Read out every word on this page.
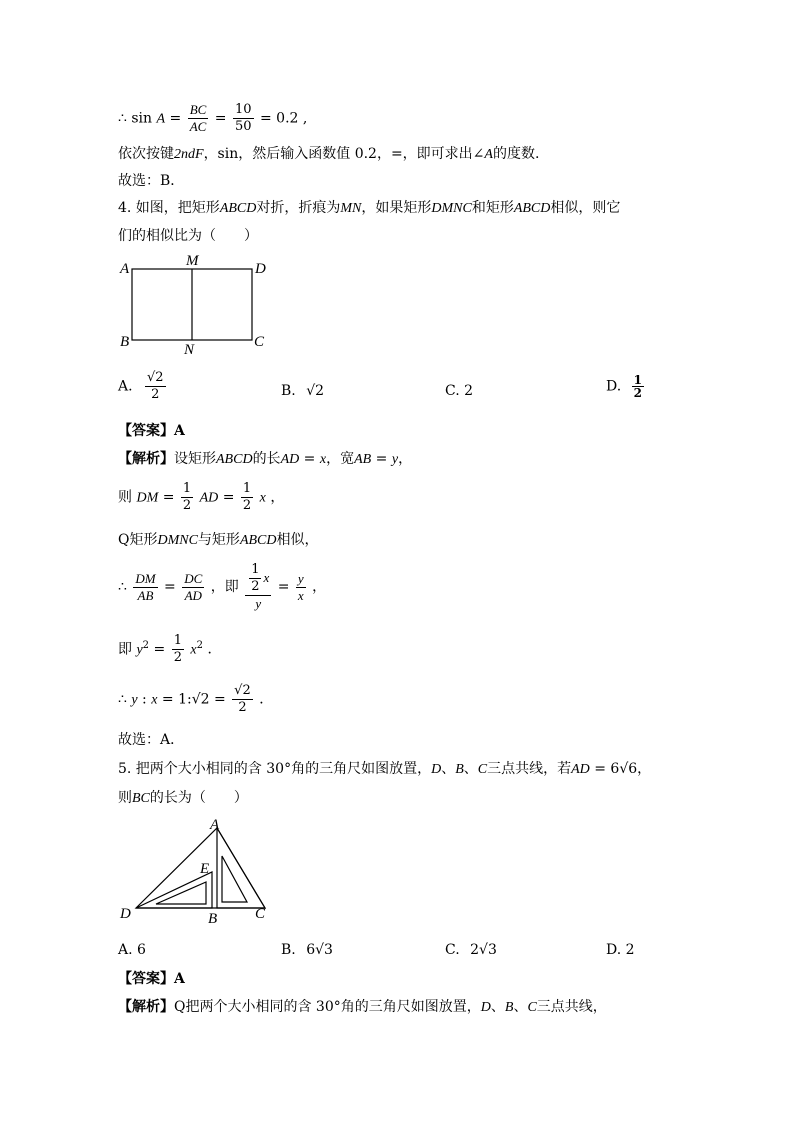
∴ $\sin A = \frac{BC}{AC} = \frac{10}{50} = 0.2$ ,
依次按键2ndF，sin，然后输入函数值 0.2，=，即可求出∠A的度数.
故选：B．
4. 如图，把矩形ABCD对折，折痕为MN，如果矩形DMNC和矩形ABCD相似，则它
们的相似比为（　　）
A	M	D
B	N	C
A. $\frac{√2}{2}$	B. √2	C. 2	D. $\frac{1}{2}$
【答案】A
【解析】设矩形ABCD的长AD = x，宽AB = y，
则 DM = $\frac{1}{2}$ AD = $\frac{1}{2}$ x ，
Q矩形DMNC与矩形ABCD相似，
∴ $\frac{DM}{AB} = \frac{DC}{AD}$ ，即 $\frac{\frac{1}{2} x}{y} = \frac{y}{x}$ ，
即 $y^2 = \frac{1}{2} x^2$ ．
∴ y : x = 1:√2 = $\frac{√2}{2}$ ．
故选：A．
5. 把两个大小相同的含 30°角的三角尺如图放置，D、B、C三点共线，若AD = 6√6，
则BC的长为（　　）
A
E
D	B	C
A. 6	B. 6√3	C. 2√3	D. 2
【答案】A
【解析】Q把两个大小相同的含 30°角的三角尺如图放置，D、B、C三点共线，
